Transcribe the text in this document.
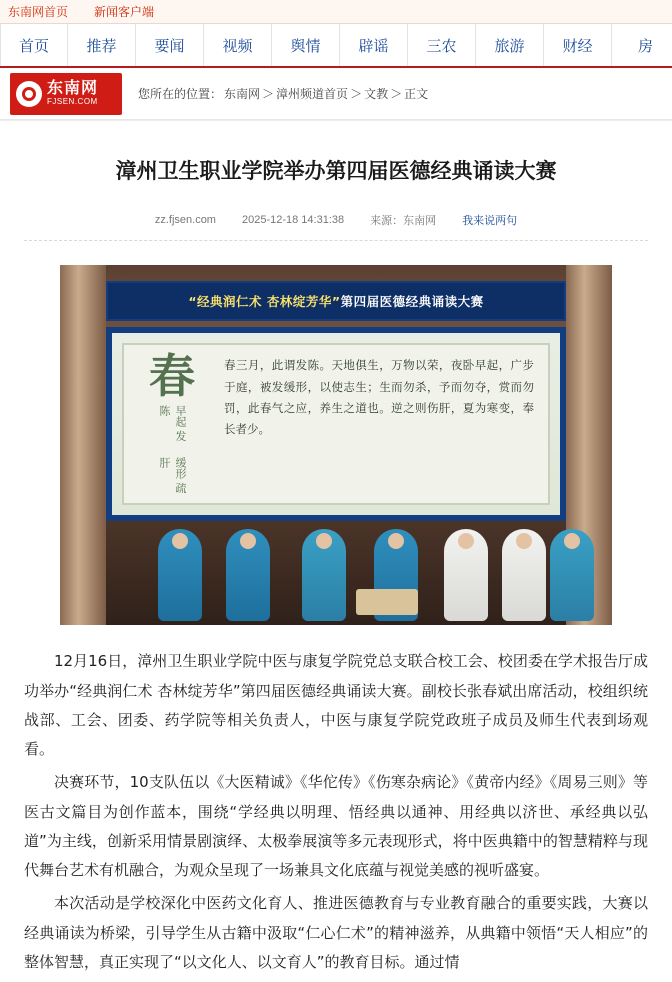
东南网首页 新闻客户端
首页	推荐	要闻	视频	舆情	辟谣	三农	旅游	财经	房
东南网
FJSEN.COM
您所在的位置： 东南网 ＞ 漳州频道首页 ＞ 文教 ＞ 正文
漳州卫生职业学院举办第四届医德经典诵读大赛
zz.fjsen.com 2025-12-18 14:31:38 来源：东南网 我来说两句
“经典润仁术 杏林绽芳华” 第四届医德经典诵读大赛
春
早起 发陈
缓形 疏肝
春三月，此谓发陈。天地俱生，万物以荣，夜卧早起，广步于庭，被发缓形，以使志生；生而勿杀，予而勿夺，赏而勿罚，此春气之应，养生之道也。逆之则伤肝，夏为寒变，奉长者少。

12月16日，漳州卫生职业学院中医与康复学院党总支联合校工会、校团委在学术报告厅成功举办“经典润仁术 杏林绽芳华”第四届医德经典诵读大赛。副校长张春斌出席活动，校组织统战部、工会、团委、药学院等相关负责人，中医与康复学院党政班子成员及师生代表到场观看。

决赛环节，10支队伍以《大医精诚》《华佗传》《伤寒杂病论》《黄帝内经》《周易三则》等医古文篇目为创作蓝本，围绕“学经典以明理、悟经典以通神、用经典以济世、承经典以弘道”为主线，创新采用情景剧演绎、太极拳展演等多元表现形式，将中医典籍中的智慧精粹与现代舞台艺术有机融合，为观众呈现了一场兼具文化底蕴与视觉美感的视听盛宴。

本次活动是学校深化中医药文化育人、推进医德教育与专业教育融合的重要实践，大赛以经典诵读为桥梁，引导学生从古籍中汲取“仁心仁术”的精神滋养，从典籍中领悟“天人相应”的整体智慧，真正实现了“以文化人、以文育人”的教育目标。通过情
